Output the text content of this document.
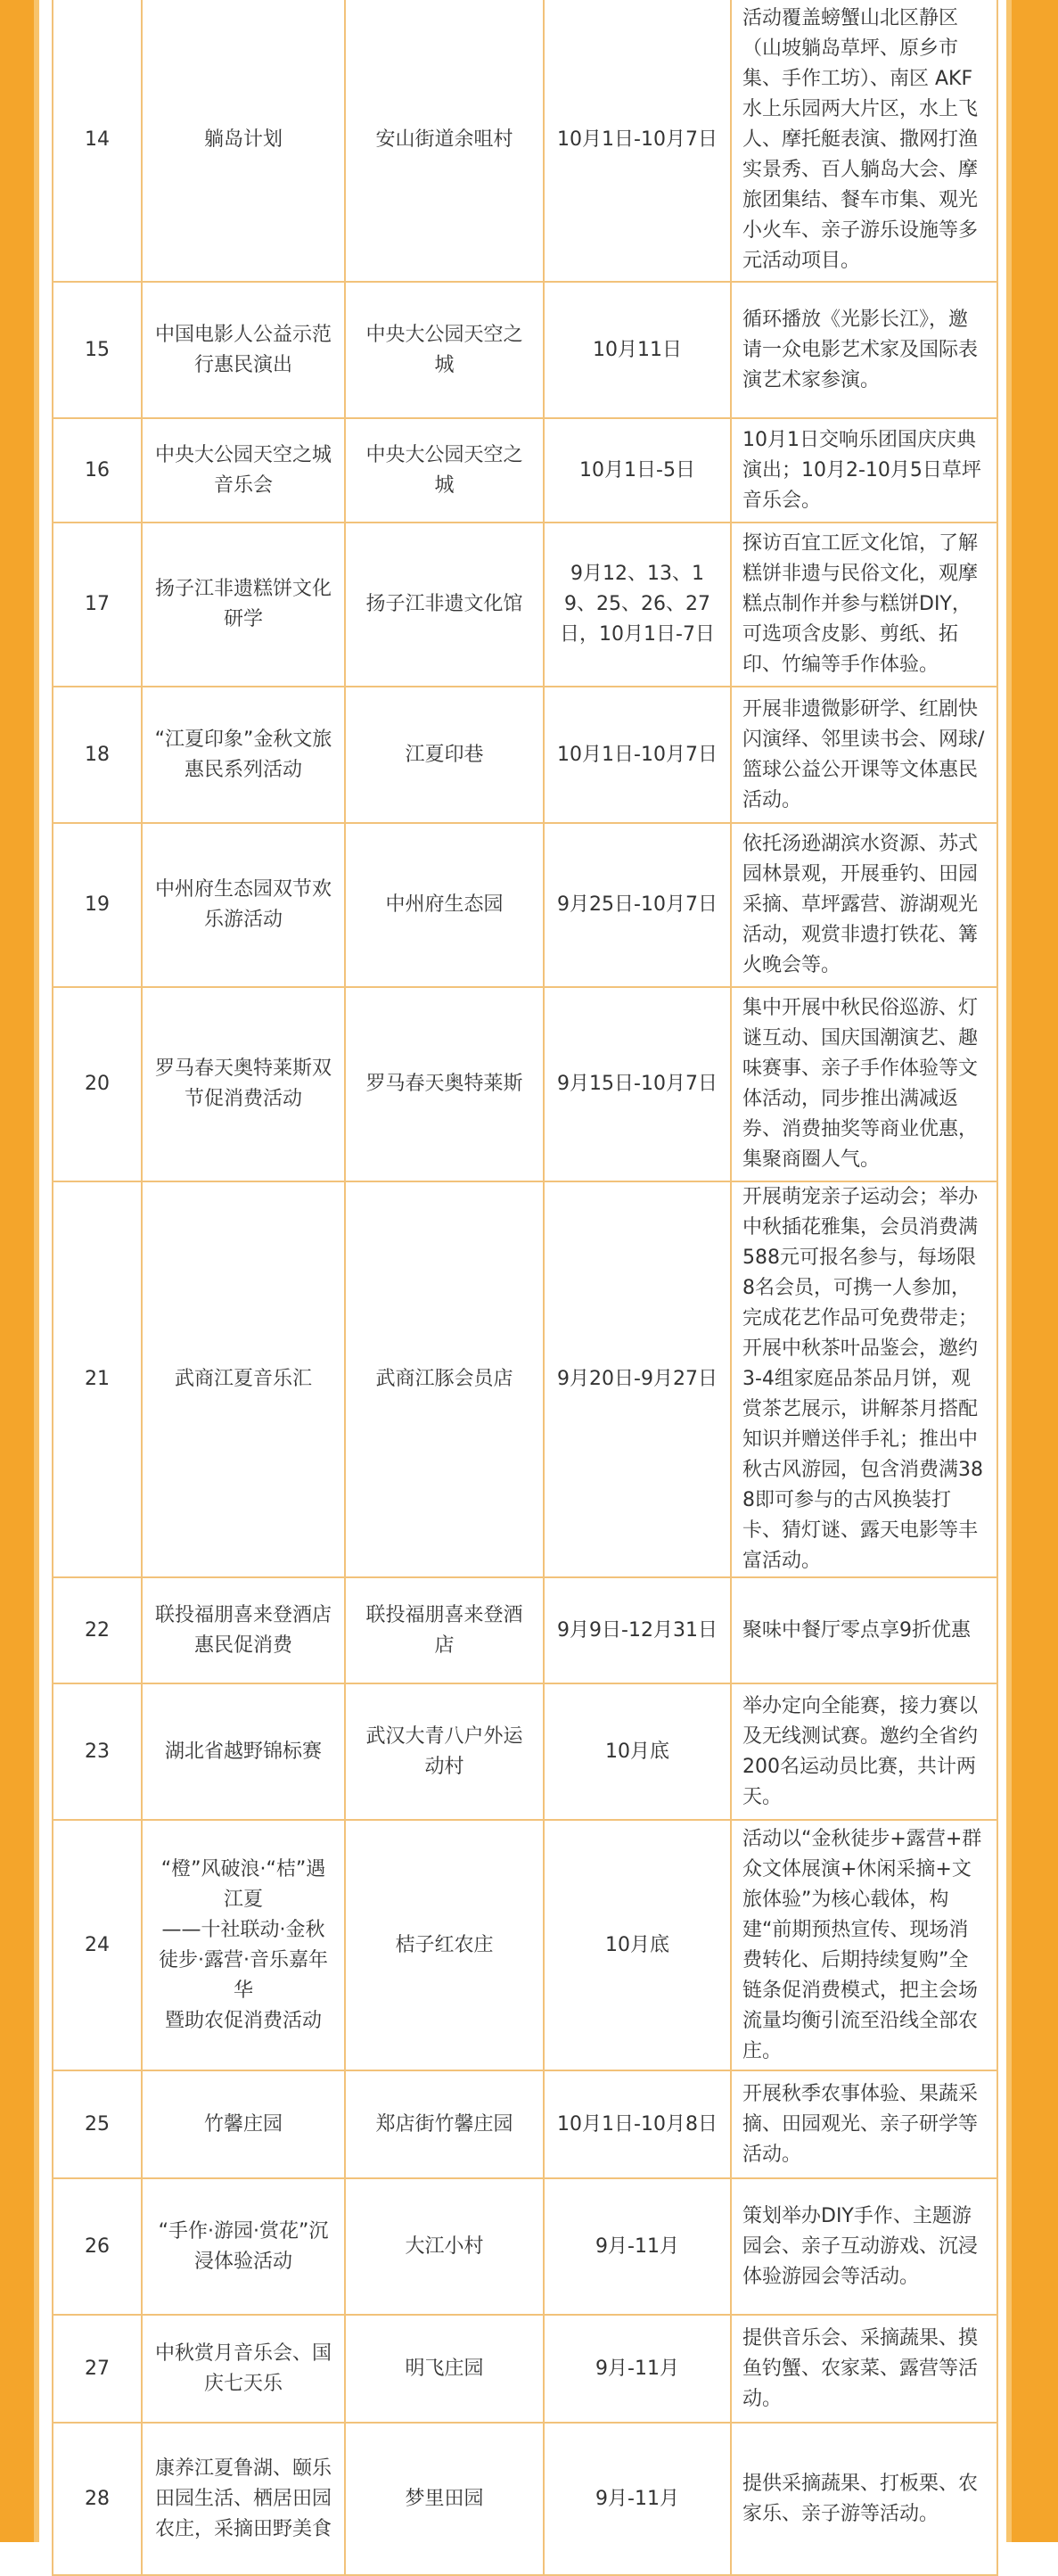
14	躺岛计划	安山街道余咀村	10月1日-10月7日	活动覆盖螃蟹山北区静区（山坡躺岛草坪、原乡市集、手作工坊）、南区 AKF 水上乐园两大片区，水上飞人、摩托艇表演、撒网打渔实景秀、百人躺岛大会、摩旅团集结、餐车市集、观光小火车、亲子游乐设施等多元活动项目。
15	中国电影人公益示范行惠民演出	中央大公园天空之城	10月11日	循环播放《光影长江》，邀请一众电影艺术家及国际表演艺术家参演。
16	中央大公园天空之城音乐会	中央大公园天空之城	10月1日-5日	10月1日交响乐团国庆庆典演出；10月2-10月5日草坪音乐会。
17	扬子江非遗糕饼文化研学	扬子江非遗文化馆	9月12、13、19、25、26、27日，10月1日-7日	探访百宜工匠文化馆，了解糕饼非遗与民俗文化，观摩糕点制作并参与糕饼DIY，可选项含皮影、剪纸、拓印、竹编等手作体验。
18	“江夏印象”金秋文旅惠民系列活动	江夏印巷	10月1日-10月7日	开展非遗微影研学、红剧快闪演绎、邻里读书会、网球/篮球公益公开课等文体惠民活动。
19	中州府生态园双节欢乐游活动	中州府生态园	9月25日-10月7日	依托汤逊湖滨水资源、苏式园林景观，开展垂钓、田园采摘、草坪露营、游湖观光活动，观赏非遗打铁花、篝火晚会等。
20	罗马春天奥特莱斯双节促消费活动	罗马春天奥特莱斯	9月15日-10月7日	集中开展中秋民俗巡游、灯谜互动、国庆国潮演艺、趣味赛事、亲子手作体验等文体活动，同步推出满减返券、消费抽奖等商业优惠，集聚商圈人气。
21	武商江夏音乐汇	武商江豚会员店	9月20日-9月27日	开展萌宠亲子运动会；举办中秋插花雅集，会员消费满588元可报名参与，每场限8名会员，可携一人参加，完成花艺作品可免费带走；开展中秋茶叶品鉴会，邀约3-4组家庭品茶品月饼，观赏茶艺展示，讲解茶月搭配知识并赠送伴手礼；推出中秋古风游园，包含消费满388即可参与的古风换装打卡、猜灯谜、露天电影等丰富活动。
22	联投福朋喜来登酒店惠民促消费	联投福朋喜来登酒店	9月9日-12月31日	聚味中餐厅零点享9折优惠
23	湖北省越野锦标赛	武汉大青八户外运动村	10月底	举办定向全能赛，接力赛以及无线测试赛。邀约全省约200名运动员比赛，共计两天。
24	“橙”风破浪·“桔”遇江夏
——十社联动·金秋徒步·露营·音乐嘉年华
暨助农促消费活动	桔子红农庄	10月底	活动以“金秋徒步+露营+群众文体展演+休闲采摘+文旅体验”为核心载体，构建“前期预热宣传、现场消费转化、后期持续复购”全链条促消费模式，把主会场流量均衡引流至沿线全部农庄。
25	竹馨庄园	郑店街竹馨庄园	10月1日-10月8日	开展秋季农事体验、果蔬采摘、田园观光、亲子研学等活动。
26	“手作·游园·赏花”沉浸体验活动	大江小村	9月-11月	策划举办DIY手作、主题游园会、亲子互动游戏、沉浸体验游园会等活动。
27	中秋赏月音乐会、国庆七天乐	明飞庄园	9月-11月	提供音乐会、采摘蔬果、摸鱼钓蟹、农家菜、露营等活动。
28	康养江夏鲁湖、颐乐田园生活、栖居田园农庄，采摘田野美食	梦里田园	9月-11月	提供采摘蔬果、打板栗、农家乐、亲子游等活动。
